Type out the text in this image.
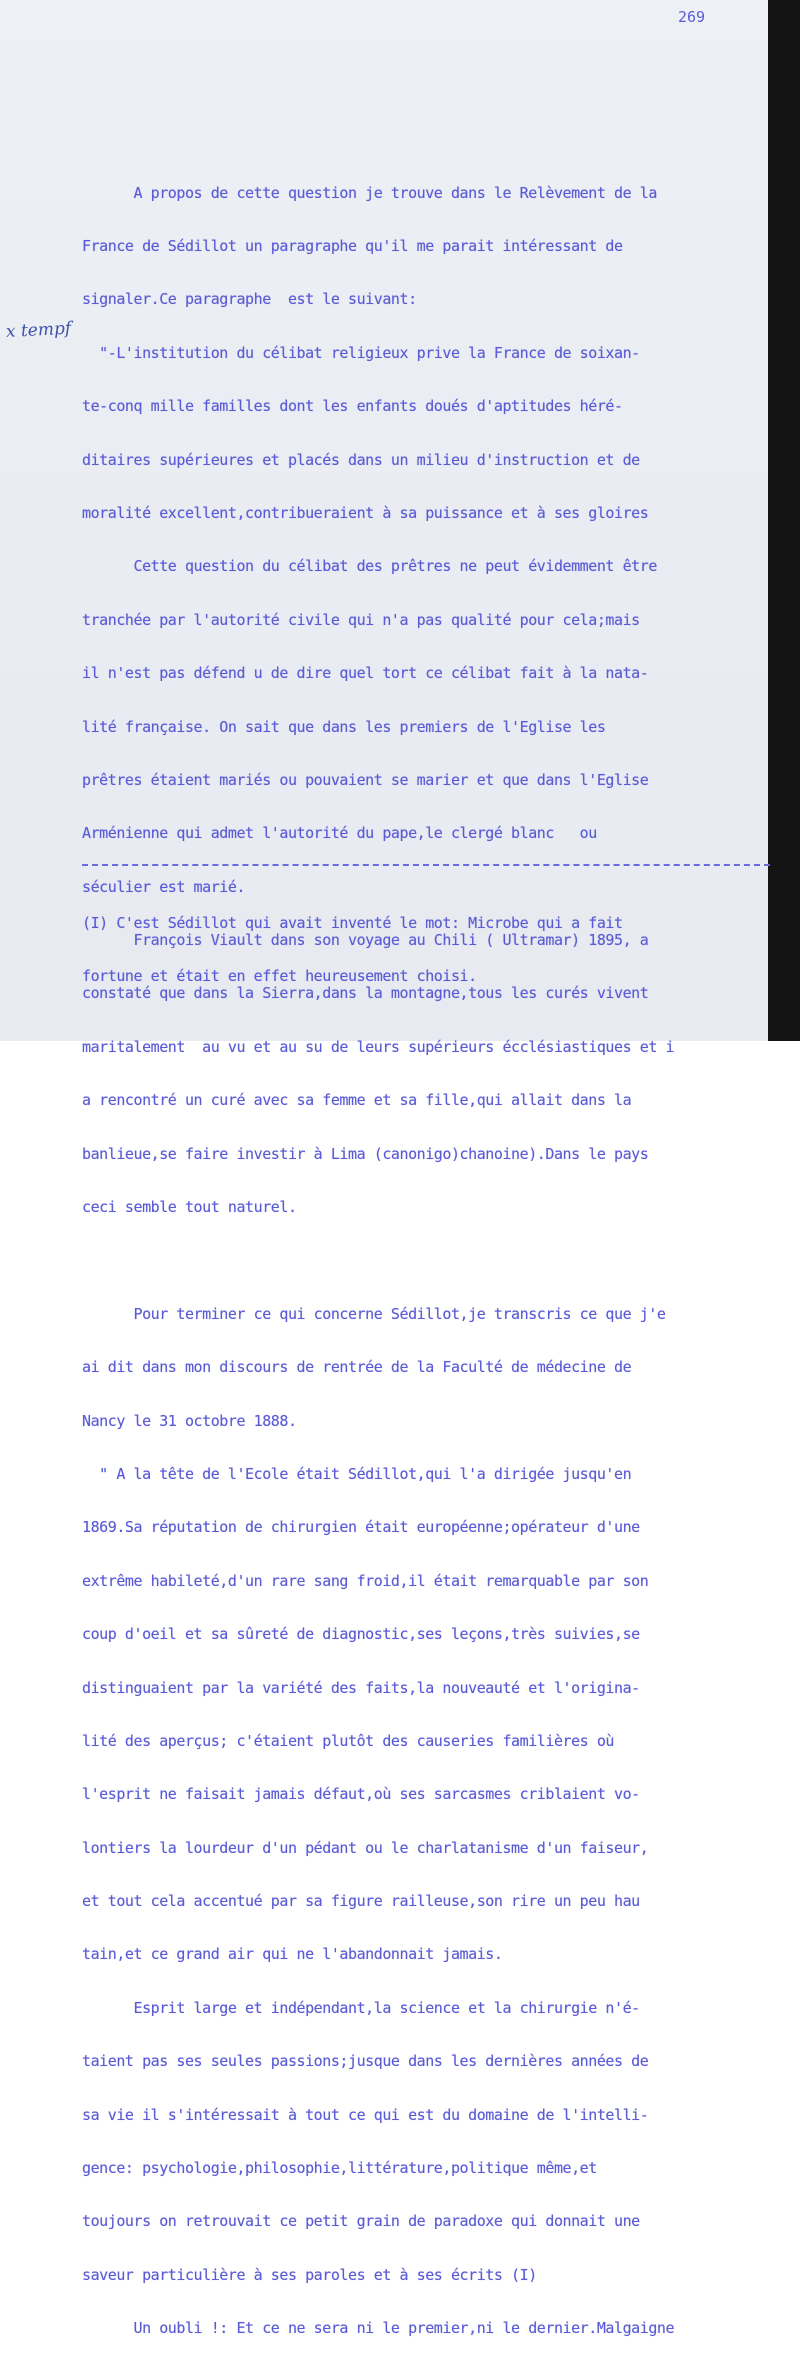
269
x tempf

A propos de cette question je trouve dans le Relèvement de la

France de Sédillot un paragraphe qu'il me parait intéressant de

signaler.Ce paragraphe  est le suivant:

"-L'institution du célibat religieux prive la France de soixan-

te-conq mille familles dont les enfants doués d'aptitudes héré-

ditaires supérieures et placés dans un milieu d'instruction et de

moralité excellent,contribueraient à sa puissance et à ses gloires

Cette question du célibat des prêtres ne peut évidemment être

tranchée par l'autorité civile qui n'a pas qualité pour cela;mais

il n'est pas défend u de dire quel tort ce célibat fait à la nata-

lité française. On sait que dans les premiers de l'Eglise les

prêtres étaient mariés ou pouvaient se marier et que dans l'Eglise

Arménienne qui admet l'autorité du pape,le clergé blanc   ou

séculier est marié.

François Viault dans son voyage au Chili ( Ultramar) 1895, a

constaté que dans la Sierra,dans la montagne,tous les curés vivent

maritalement  au vu et au su de leurs supérieurs écclésiastiques et i

a rencontré un curé avec sa femme et sa fille,qui allait dans la

banlieue,se faire investir à Lima (canonigo)chanoine).Dans le pays

ceci semble tout naturel.

Pour terminer ce qui concerne Sédillot,je transcris ce que j'e

ai dit dans mon discours de rentrée de la Faculté de médecine de

Nancy le 31 octobre 1888.

" A la tête de l'Ecole était Sédillot,qui l'a dirigée jusqu'en

1869.Sa réputation de chirurgien était européenne;opérateur d'une

extrême habileté,d'un rare sang froid,il était remarquable par son

coup d'oeil et sa sûreté de diagnostic,ses leçons,très suivies,se

distinguaient par la variété des faits,la nouveauté et l'origina-

lité des aperçus; c'étaient plutôt des causeries familières où

l'esprit ne faisait jamais défaut,où ses sarcasmes criblaient vo-

lontiers la lourdeur d'un pédant ou le charlatanisme d'un faiseur,

et tout cela accentué par sa figure railleuse,son rire un peu hau

tain,et ce grand air qui ne l'abandonnait jamais.

Esprit large et indépendant,la science et la chirurgie n'é-

taient pas ses seules passions;jusque dans les dernières années de

sa vie il s'intéressait à tout ce qui est du domaine de l'intelli-

gence: psychologie,philosophie,littérature,politique même,et

toujours on retrouvait ce petit grain de paradoxe qui donnait une

saveur particulière à ses paroles et à ses écrits (I)

Un oubli !: Et ce ne sera ni le premier,ni le dernier.Malgaigne

(I) C'est Sédillot qui avait inventé le mot: Microbe qui a fait

fortune et était en effet heureusement choisi.
